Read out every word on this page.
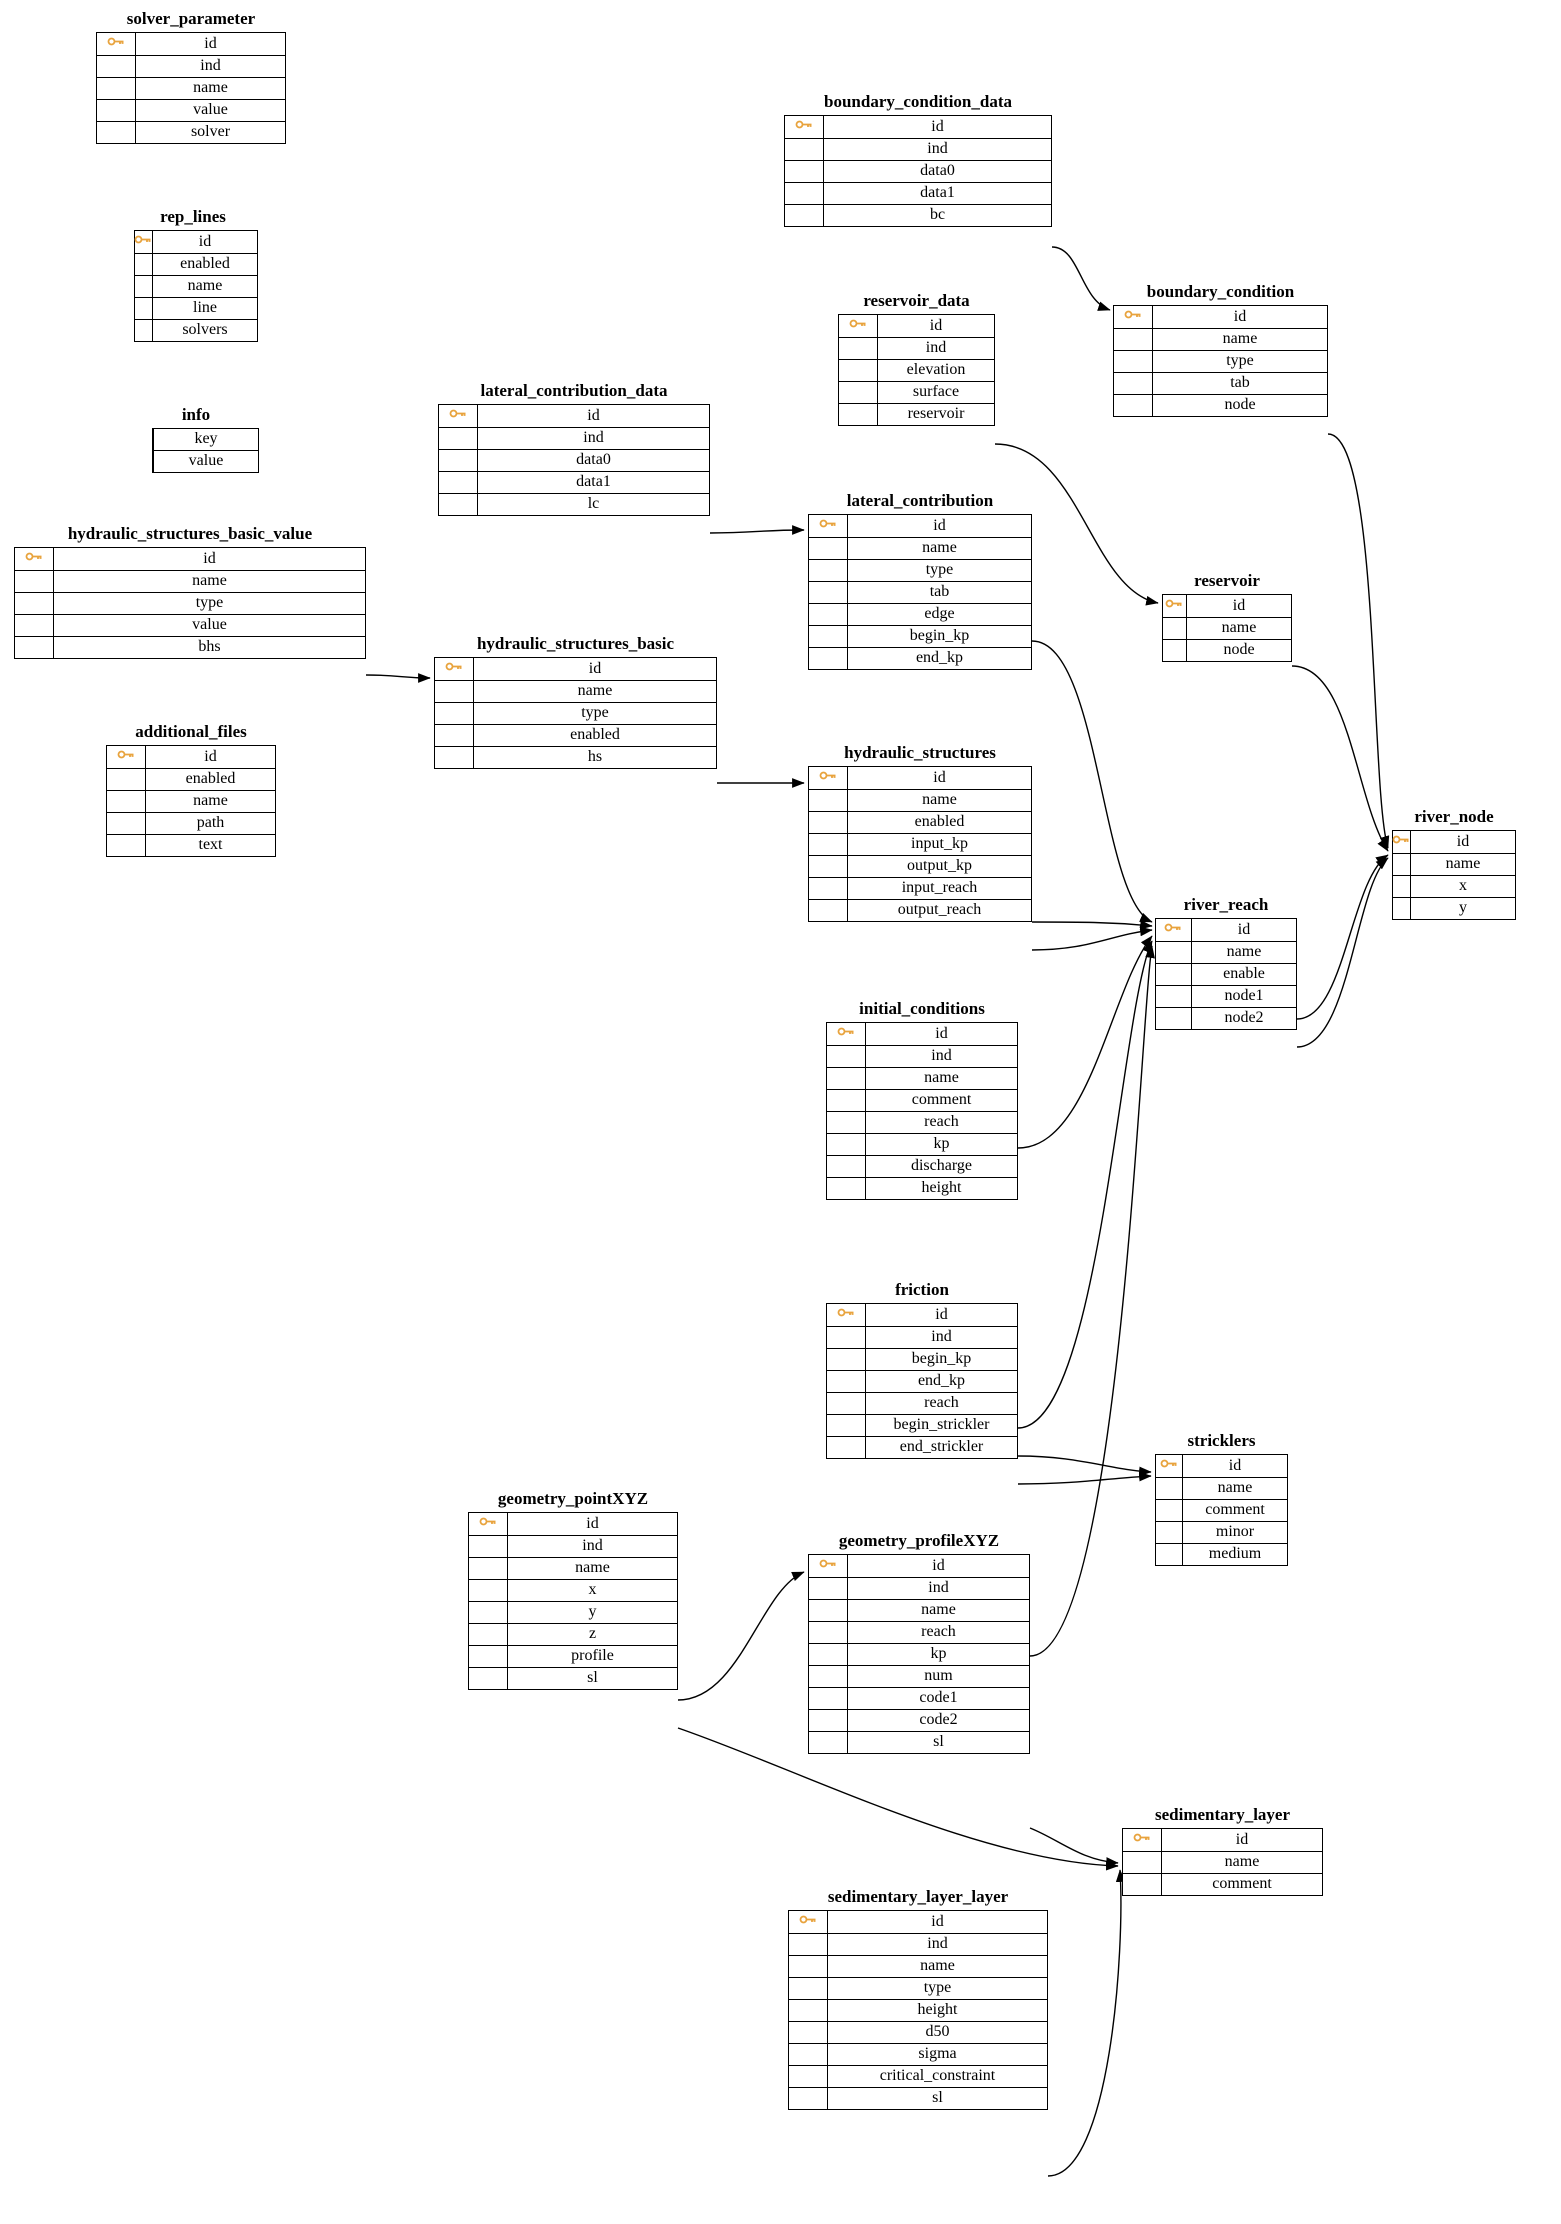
solver_parameter
	id
	ind
	name
	value
	solver
rep_lines
	id
	enabled
	name
	line
	solvers
info
	key
	value
hydraulic_structures_basic_value
	id
	name
	type
	value
	bhs
additional_files
	id
	enabled
	name
	path
	text
lateral_contribution_data
	id
	ind
	data0
	data1
	lc
hydraulic_structures_basic
	id
	name
	type
	enabled
	hs
boundary_condition_data
	id
	ind
	data0
	data1
	bc
reservoir_data
	id
	ind
	elevation
	surface
	reservoir
lateral_contribution
	id
	name
	type
	tab
	edge
	begin_kp
	end_kp
hydraulic_structures
	id
	name
	enabled
	input_kp
	output_kp
	input_reach
	output_reach
initial_conditions
	id
	ind
	name
	comment
	reach
	kp
	discharge
	height
friction
	id
	ind
	begin_kp
	end_kp
	reach
	begin_strickler
	end_strickler
geometry_pointXYZ
	id
	ind
	name
	x
	y
	z
	profile
	sl
geometry_profileXYZ
	id
	ind
	name
	reach
	kp
	num
	code1
	code2
	sl
sedimentary_layer_layer
	id
	ind
	name
	type
	height
	d50
	sigma
	critical_constraint
	sl
boundary_condition
	id
	name
	type
	tab
	node
reservoir
	id
	name
	node
river_reach
	id
	name
	enable
	node1
	node2
river_node
	id
	name
	x
	y
stricklers
	id
	name
	comment
	minor
	medium
sedimentary_layer
	id
	name
	comment
